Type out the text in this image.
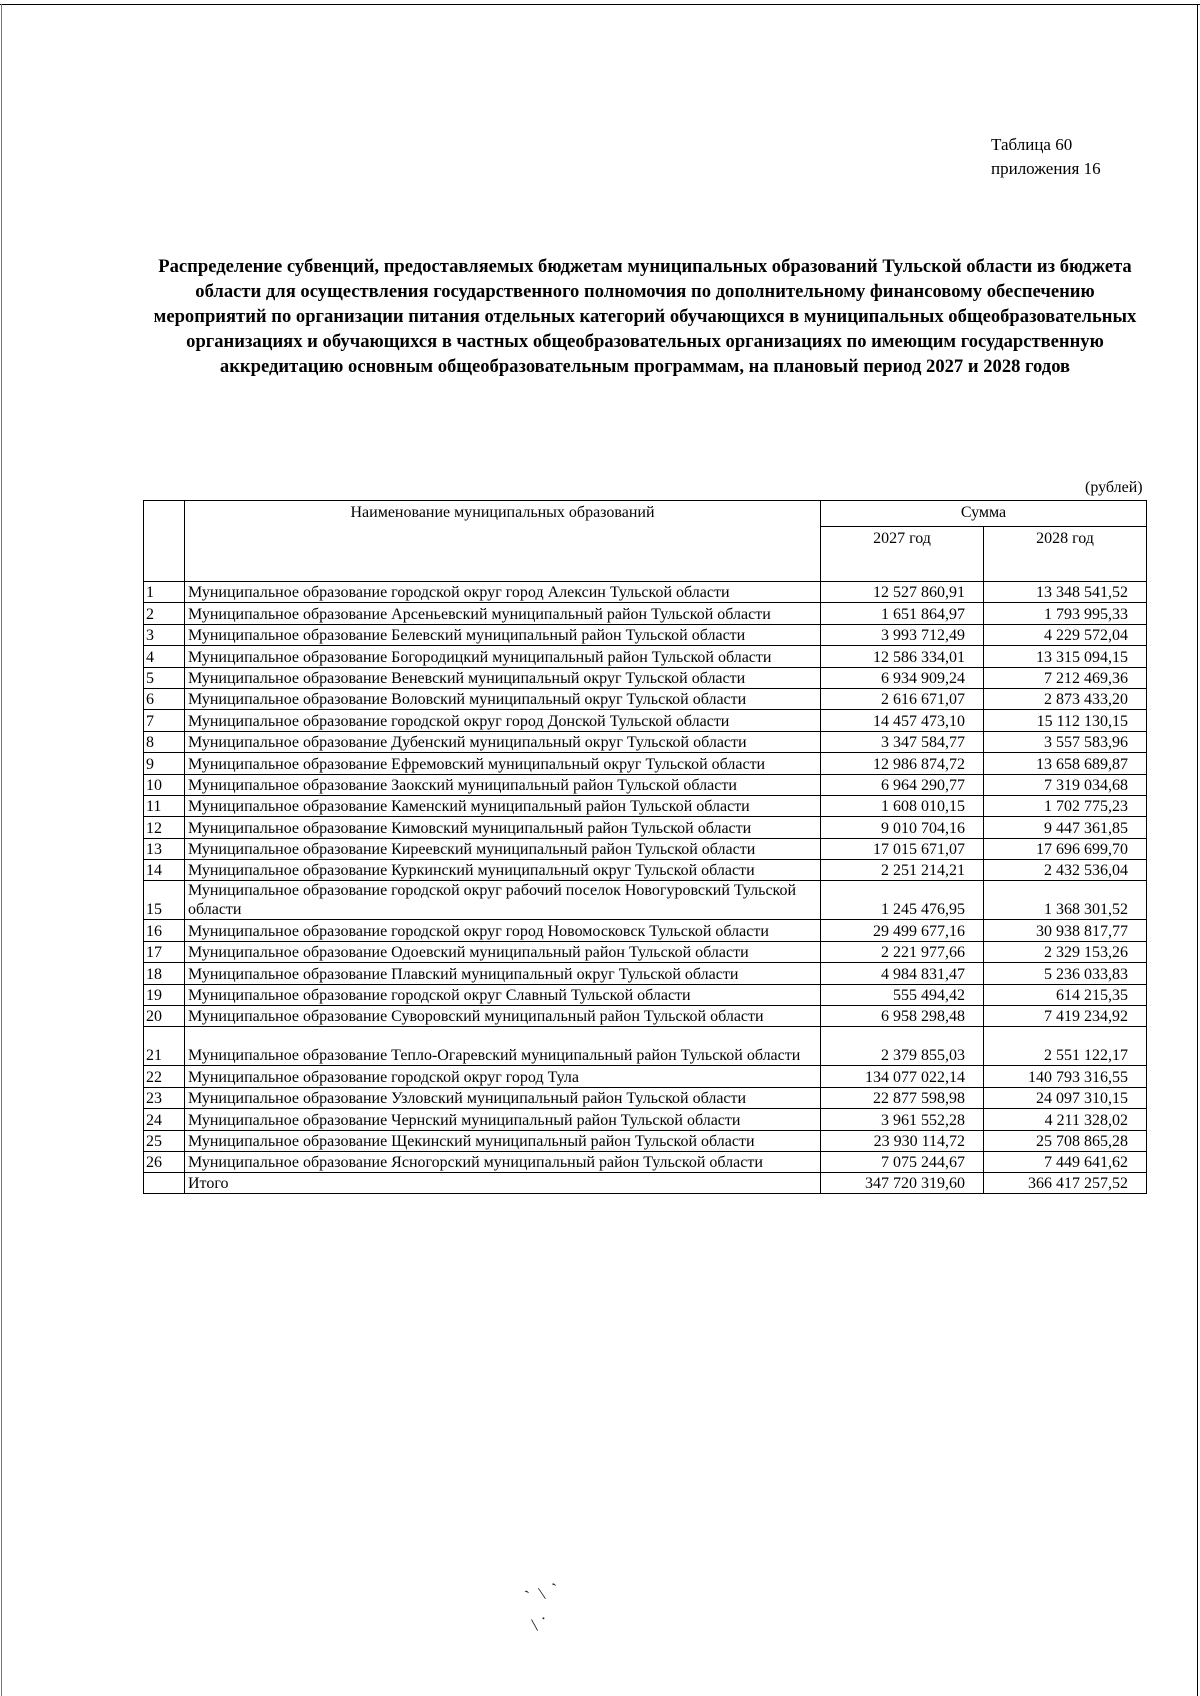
Таблица 60
приложения 16
Распределение субвенций, предоставляемых бюджетам муниципальных образований Тульской области из бюджета области для осуществления государственного полномочия по дополнительному финансовому обеспечению мероприятий по организации питания отдельных категорий обучающихся в муниципальных общеобразовательных организациях и обучающихся в частных общеобразовательных организациях по имеющим государственную аккредитацию основным общеобразовательным программам, на плановый период 2027 и 2028 годов
(рублей)
	Наименование муниципальных образований	Сумма	
		2027 год	2028 год
1	Муниципальное образование городской округ город Алексин Тульской области	12 527 860,91	13 348 541,52
2	Муниципальное образование Арсеньевский муниципальный район Тульской области	1 651 864,97	1 793 995,33
3	Муниципальное образование Белевский муниципальный район Тульской области	3 993 712,49	4 229 572,04
4	Муниципальное образование Богородицкий муниципальный район Тульской области	12 586 334,01	13 315 094,15
5	Муниципальное образование Веневский муниципальный округ Тульской области	6 934 909,24	7 212 469,36
6	Муниципальное образование Воловский муниципальный округ Тульской области	2 616 671,07	2 873 433,20
7	Муниципальное образование городской округ город Донской Тульской области	14 457 473,10	15 112 130,15
8	Муниципальное образование Дубенский муниципальный округ Тульской области	3 347 584,77	3 557 583,96
9	Муниципальное образование Ефремовский муниципальный округ Тульской области	12 986 874,72	13 658 689,87
10	Муниципальное образование Заокский муниципальный район Тульской области	6 964 290,77	7 319 034,68
11	Муниципальное образование Каменский муниципальный район Тульской области	1 608 010,15	1 702 775,23
12	Муниципальное образование Кимовский муниципальный район Тульской области	9 010 704,16	9 447 361,85
13	Муниципальное образование Киреевский муниципальный район Тульской области	17 015 671,07	17 696 699,70
14	Муниципальное образование Куркинский муниципальный округ Тульской области	2 251 214,21	2 432 536,04
15	Муниципальное образование городской округ рабочий поселок Новогуровский Тульской области	1 245 476,95	1 368 301,52
16	Муниципальное образование городской округ город Новомосковск Тульской области	29 499 677,16	30 938 817,77
17	Муниципальное образование Одоевский муниципальный район Тульской области	2 221 977,66	2 329 153,26
18	Муниципальное образование Плавский муниципальный округ Тульской области	4 984 831,47	5 236 033,83
19	Муниципальное образование городской округ Славный Тульской области	555 494,42	614 215,35
20	Муниципальное образование Суворовский муниципальный район Тульской области	6 958 298,48	7 419 234,92
21	Муниципальное образование Тепло-Огаревский муниципальный район Тульской области	2 379 855,03	2 551 122,17
22	Муниципальное образование городской округ город Тула	134 077 022,14	140 793 316,55
23	Муниципальное образование Узловский муниципальный район Тульской области	22 877 598,98	24 097 310,15
24	Муниципальное образование Чернский муниципальный район Тульской области	3 961 552,28	4 211 328,02
25	Муниципальное образование Щекинский муниципальный район Тульской области	23 930 114,72	25 708 865,28
26	Муниципальное образование Ясногорский муниципальный район Тульской области	7 075 244,67	7 449 641,62
	Итого	347 720 319,60	366 417 257,52
` \ `
\ ˙
